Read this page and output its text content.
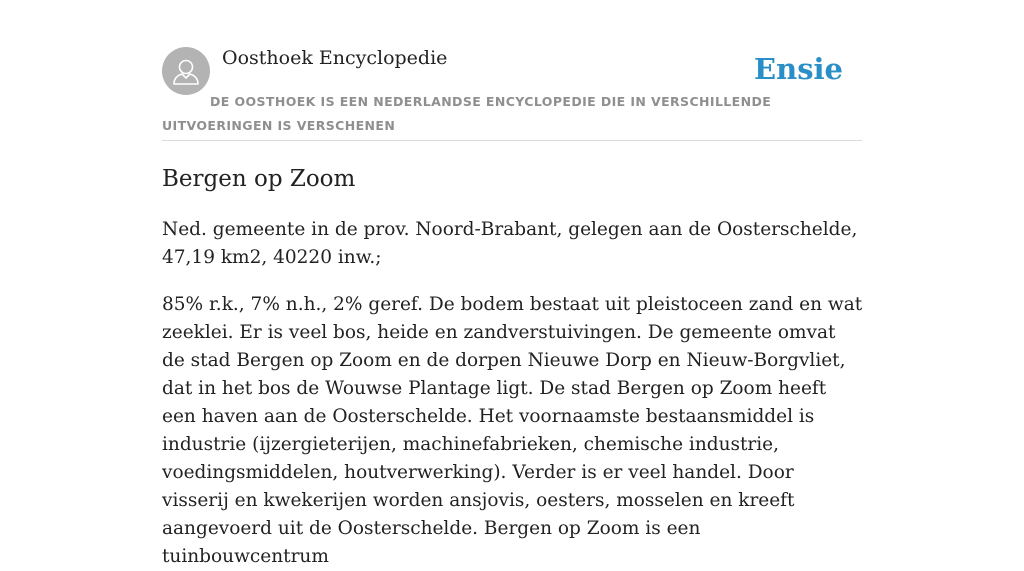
Oosthoek Encyclopedie	Ensie
DE OOSTHOEK IS EEN NEDERLANDSE ENCYCLOPEDIE DIE IN VERSCHILLENDE UITVOERINGEN IS VERSCHENEN
Bergen op Zoom

Ned. gemeente in de prov. Noord-Brabant, gelegen aan de Oosterschelde, 47,19 km2, 40220 inw.;

85% r.k., 7% n.h., 2% geref. De bodem bestaat uit pleistoceen zand en wat zeeklei. Er is veel bos, heide en zandverstuivingen. De gemeente omvat de stad Bergen op Zoom en de dorpen Nieuwe Dorp en Nieuw-Borgvliet, dat in het bos de Wouwse Plantage ligt. De stad Bergen op Zoom heeft een haven aan de Oosterschelde. Het voornaamste bestaansmiddel is industrie (ijzergieterijen, machinefabrieken, chemische industrie, voedingsmiddelen, houtverwerking). Verder is er veel handel. Door visserij en kwekerijen worden ansjovis, oesters, mosselen en kreeft aangevoerd uit de Oosterschelde. Bergen op Zoom is een tuinbouwcentrum
